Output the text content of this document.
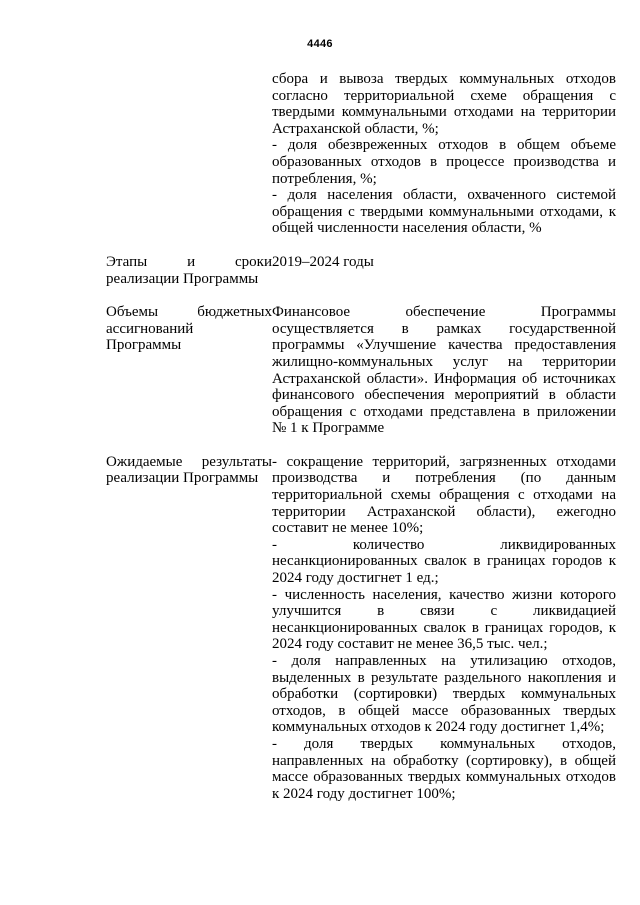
4446

сбора и вывоза твердых коммунальных отходов согласно территориальной схеме обращения с твердыми коммунальными отходами на территории Астраханской области, %;

- доля обезвреженных отходов в общем объеме образованных отходов в процессе производства и потребления, %;

- доля населения области, охваченного системой обращения с твердыми коммунальными отходами, к общей численности населения области, %

Этапы и сроки реализации Программы

2019–2024 годы

Объемы бюджетных ассигнований Программы

Финансовое обеспечение Программы осуществляется в рамках государственной программы «Улучшение качества предоставления жилищно-коммунальных услуг на территории Астраханской области». Информация об источниках финансового обеспечения мероприятий в области обращения с отходами представлена в приложении № 1 к Программе

Ожидаемые результаты реализации Программы

- сокращение территорий, загрязненных отходами производства и потребления (по данным территориальной схемы обращения с отходами на территории Астраханской области), ежегодно составит не менее 10%;

- количество ликвидированных несанкционированных свалок в границах городов к 2024 году достигнет 1 ед.;

- численность населения, качество жизни которого улучшится в связи с ликвидацией несанкционированных свалок в границах городов, к 2024 году составит не менее 36,5 тыс. чел.;

- доля направленных на утилизацию отходов, выделенных в результате раздельного накопления и обработки (сортировки) твердых коммунальных отходов, в общей массе образованных твердых коммунальных отходов к 2024 году достигнет 1,4%;

- доля твердых коммунальных отходов, направленных на обработку (сортировку), в общей массе образованных твердых коммунальных отходов к 2024 году достигнет 100%;
